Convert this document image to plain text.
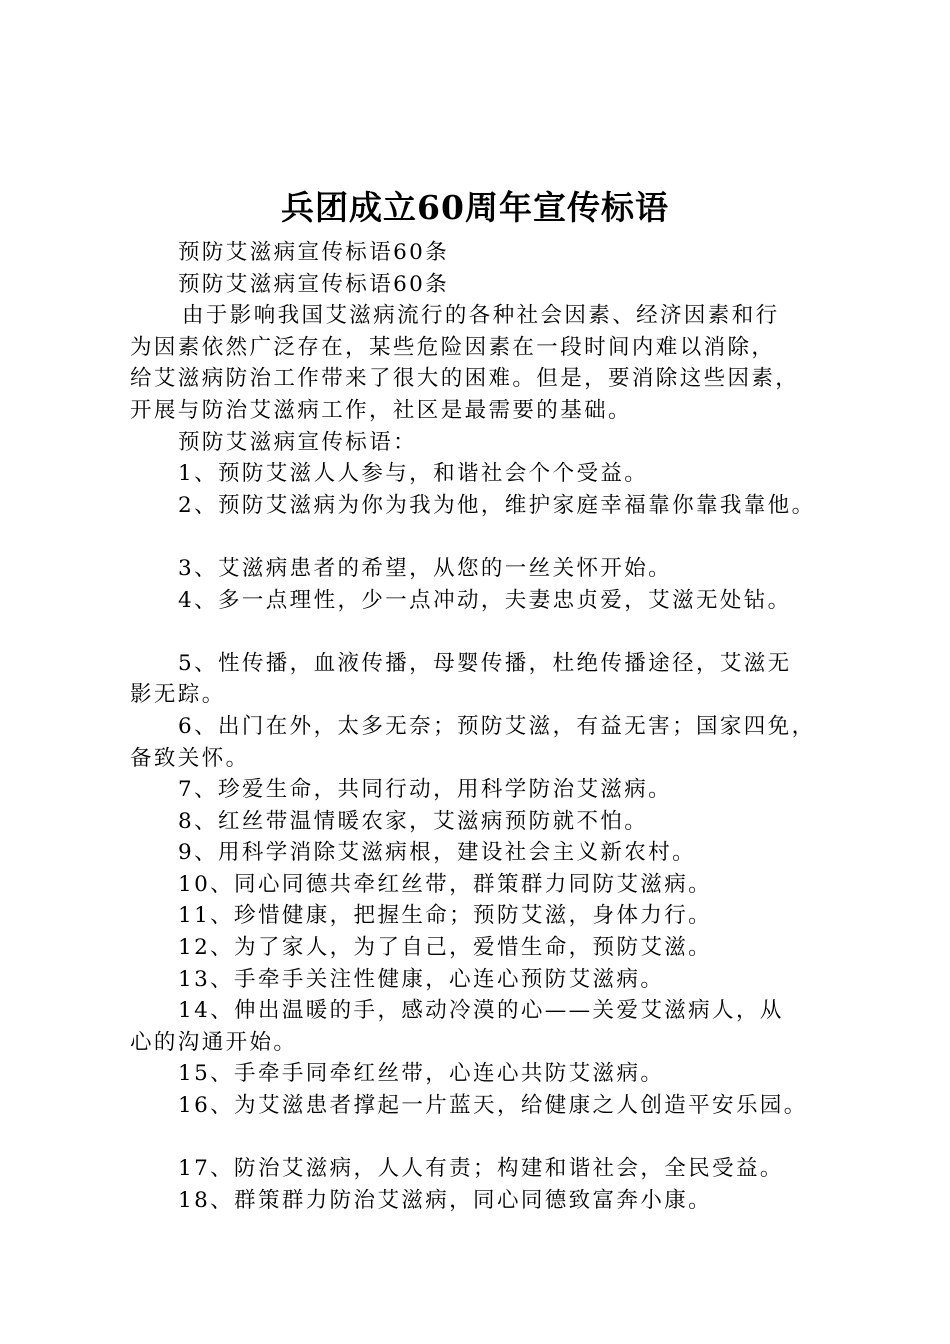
兵团成立60周年宣传标语
预防艾滋病宣传标语60条
预防艾滋病宣传标语60条
由于影响我国艾滋病流行的各种社会因素、经济因素和行
为因素依然广泛存在，某些危险因素在一段时间内难以消除，
给艾滋病防治工作带来了很大的困难。但是，要消除这些因素，
开展与防治艾滋病工作，社区是最需要的基础。
预防艾滋病宣传标语：
1、预防艾滋人人参与，和谐社会个个受益。
2、预防艾滋病为你为我为他，维护家庭幸福靠你靠我靠他。
3、艾滋病患者的希望，从您的一丝关怀开始。
4、多一点理性，少一点冲动，夫妻忠贞爱，艾滋无处钻。
5、性传播，血液传播，母婴传播，杜绝传播途径，艾滋无
影无踪。
6、出门在外，太多无奈；预防艾滋，有益无害；国家四免，
备致关怀。
7、珍爱生命，共同行动，用科学防治艾滋病。
8、红丝带温情暖农家，艾滋病预防就不怕。
9、用科学消除艾滋病根，建设社会主义新农村。
10、同心同德共牵红丝带，群策群力同防艾滋病。
11、珍惜健康，把握生命；预防艾滋，身体力行。
12、为了家人，为了自己，爱惜生命，预防艾滋。
13、手牵手关注性健康，心连心预防艾滋病。
14、伸出温暖的手，感动冷漠的心——关爱艾滋病人，从
心的沟通开始。
15、手牵手同牵红丝带，心连心共防艾滋病。
16、为艾滋患者撑起一片蓝天，给健康之人创造平安乐园。
17、防治艾滋病，人人有责；构建和谐社会，全民受益。
18、群策群力防治艾滋病，同心同德致富奔小康。
